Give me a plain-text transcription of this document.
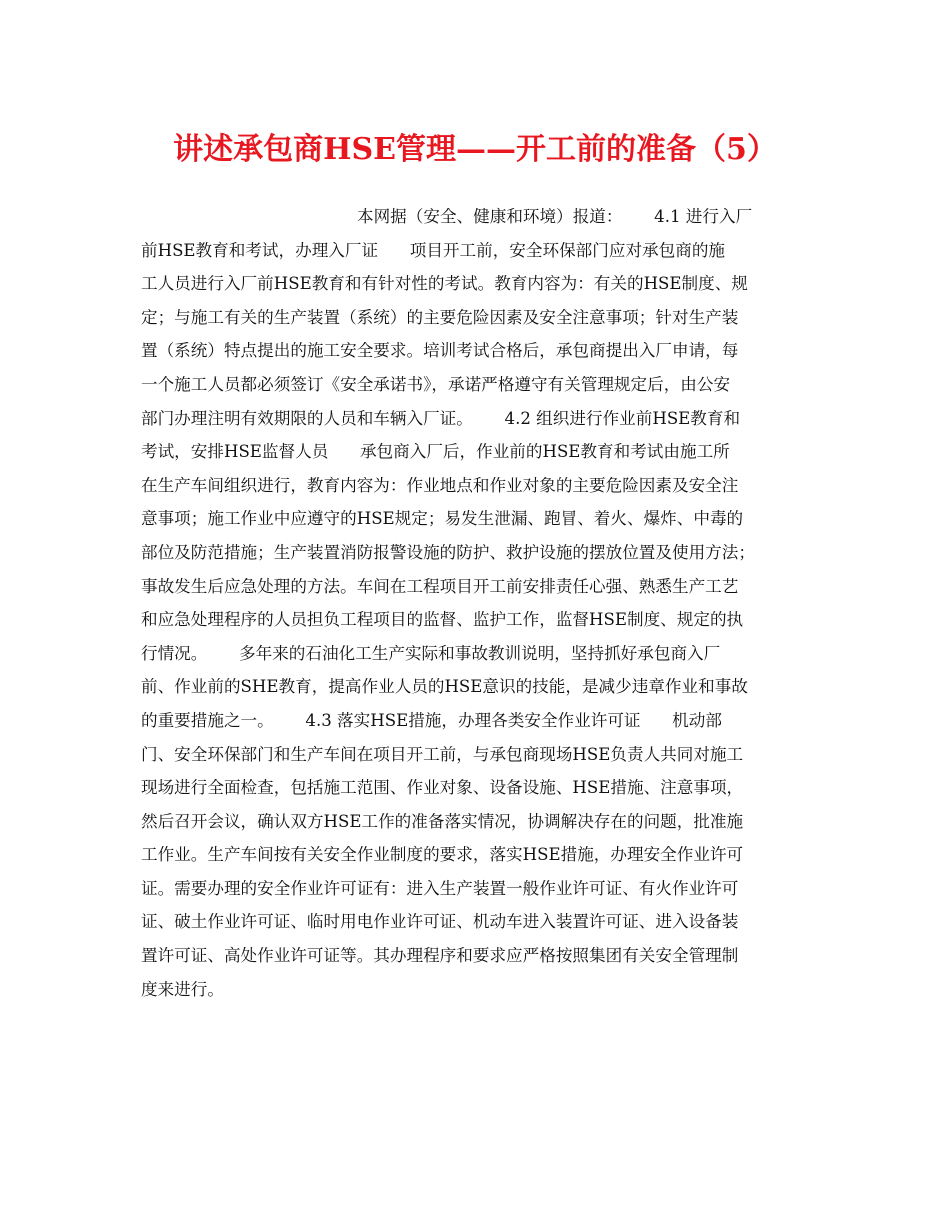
讲述承包商HSE管理——开工前的准备（5）
本网据（安全、健康和环境）报道：      4.1 进行入厂
前HSE教育和考试，办理入厂证      项目开工前，安全环保部门应对承包商的施
工人员进行入厂前HSE教育和有针对性的考试。教育内容为：有关的HSE制度、规
定；与施工有关的生产装置（系统）的主要危险因素及安全注意事项；针对生产装
置（系统）特点提出的施工安全要求。培训考试合格后，承包商提出入厂申请，每
一个施工人员都必须签订《安全承诺书》，承诺严格遵守有关管理规定后，由公安
部门办理注明有效期限的人员和车辆入厂证。      4.2 组织进行作业前HSE教育和
考试，安排HSE监督人员      承包商入厂后，作业前的HSE教育和考试由施工所
在生产车间组织进行，教育内容为：作业地点和作业对象的主要危险因素及安全注
意事项；施工作业中应遵守的HSE规定；易发生泄漏、跑冒、着火、爆炸、中毒的
部位及防范措施；生产装置消防报警设施的防护、救护设施的摆放位置及使用方法；
事故发生后应急处理的方法。车间在工程项目开工前安排责任心强、熟悉生产工艺
和应急处理程序的人员担负工程项目的监督、监护工作，监督HSE制度、规定的执
行情况。      多年来的石油化工生产实际和事故教训说明，坚持抓好承包商入厂
前、作业前的SHE教育，提高作业人员的HSE意识的技能，是减少违章作业和事故
的重要措施之一。      4.3 落实HSE措施，办理各类安全作业许可证      机动部
门、安全环保部门和生产车间在项目开工前，与承包商现场HSE负责人共同对施工
现场进行全面检查，包括施工范围、作业对象、设备设施、HSE措施、注意事项，
然后召开会议，确认双方HSE工作的准备落实情况，协调解决存在的问题，批准施
工作业。生产车间按有关安全作业制度的要求，落实HSE措施，办理安全作业许可
证。需要办理的安全作业许可证有：进入生产装置一般作业许可证、有火作业许可
证、破土作业许可证、临时用电作业许可证、机动车进入装置许可证、进入设备装
置许可证、高处作业许可证等。其办理程序和要求应严格按照集团有关安全管理制
度来进行。
